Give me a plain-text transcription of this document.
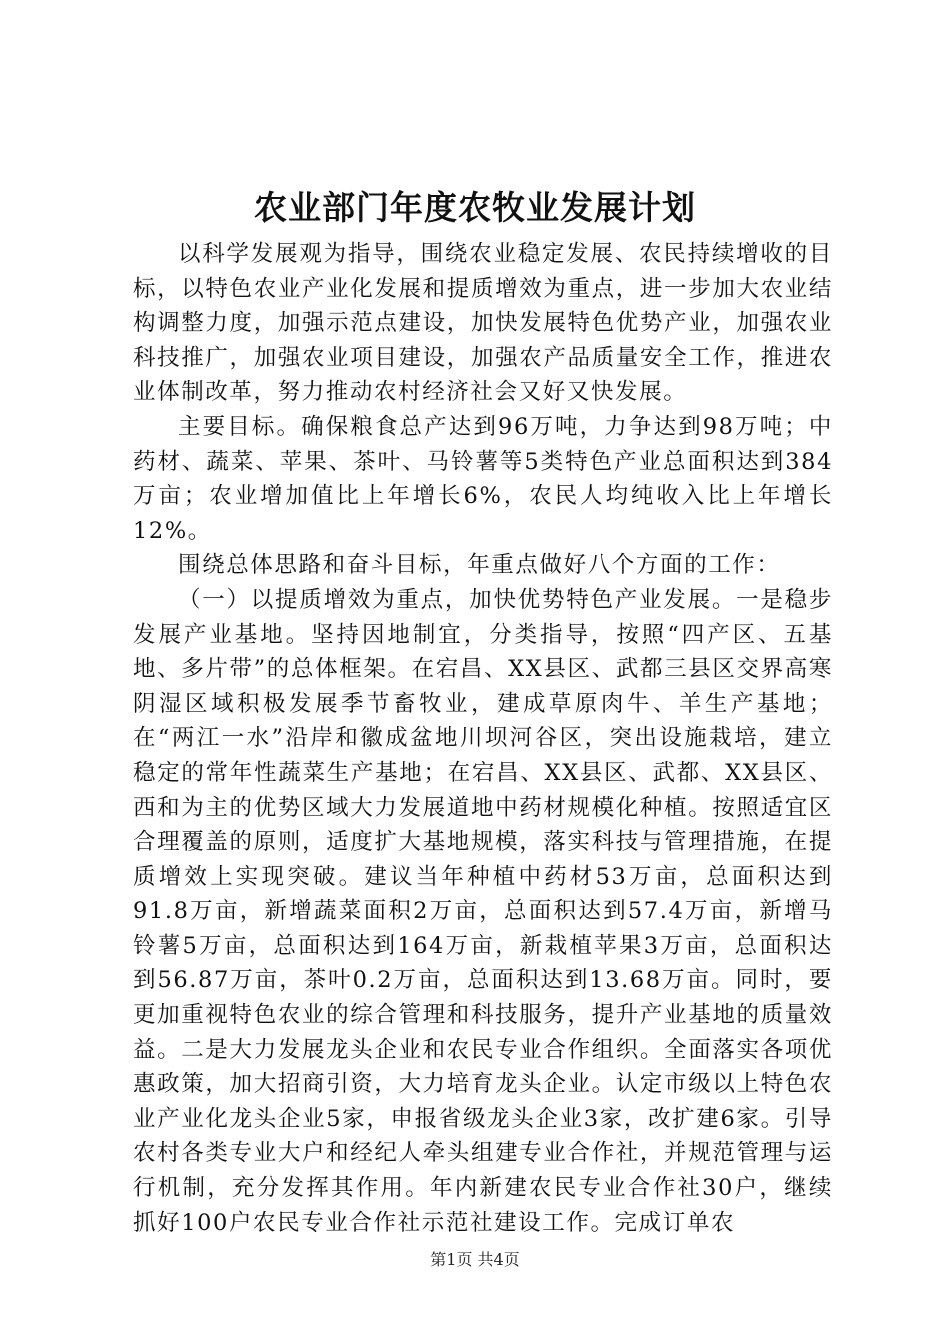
农业部门年度农牧业发展计划

以科学发展观为指导，围绕农业稳定发展、农民持续增收的目标，以特色农业产业化发展和提质增效为重点，进一步加大农业结构调整力度，加强示范点建设，加快发展特色优势产业，加强农业科技推广，加强农业项目建设，加强农产品质量安全工作，推进农业体制改革，努力推动农村经济社会又好又快发展。

主要目标。确保粮食总产达到96万吨，力争达到98万吨；中药材、蔬菜、苹果、茶叶、马铃薯等5类特色产业总面积达到384万亩；农业增加值比上年增长6%，农民人均纯收入比上年增长12%。

围绕总体思路和奋斗目标，年重点做好八个方面的工作：

（一）以提质增效为重点，加快优势特色产业发展。一是稳步发展产业基地。坚持因地制宜，分类指导，按照“四产区、五基地、多片带”的总体框架。在宕昌、XX县区、武都三县区交界高寒阴湿区域积极发展季节畜牧业，建成草原肉牛、羊生产基地；在“两江一水”沿岸和徽成盆地川坝河谷区，突出设施栽培，建立稳定的常年性蔬菜生产基地；在宕昌、XX县区、武都、XX县区、西和为主的优势区域大力发展道地中药材规模化种植。按照适宜区合理覆盖的原则，适度扩大基地规模，落实科技与管理措施，在提质增效上实现突破。建议当年种植中药材53万亩，总面积达到91.8万亩，新增蔬菜面积2万亩，总面积达到57.4万亩，新增马铃薯5万亩，总面积达到164万亩，新栽植苹果3万亩，总面积达到56.87万亩，茶叶0.2万亩，总面积达到13.68万亩。同时，要更加重视特色农业的综合管理和科技服务，提升产业基地的质量效益。二是大力发展龙头企业和农民专业合作组织。全面落实各项优惠政策，加大招商引资，大力培育龙头企业。认定市级以上特色农业产业化龙头企业5家，申报省级龙头企业3家，改扩建6家。引导农村各类专业大户和经纪人牵头组建专业合作社，并规范管理与运行机制，充分发挥其作用。年内新建农民专业合作社30户，继续抓好100户农民专业合作社示范社建设工作。完成订单农

第1页 共4页
